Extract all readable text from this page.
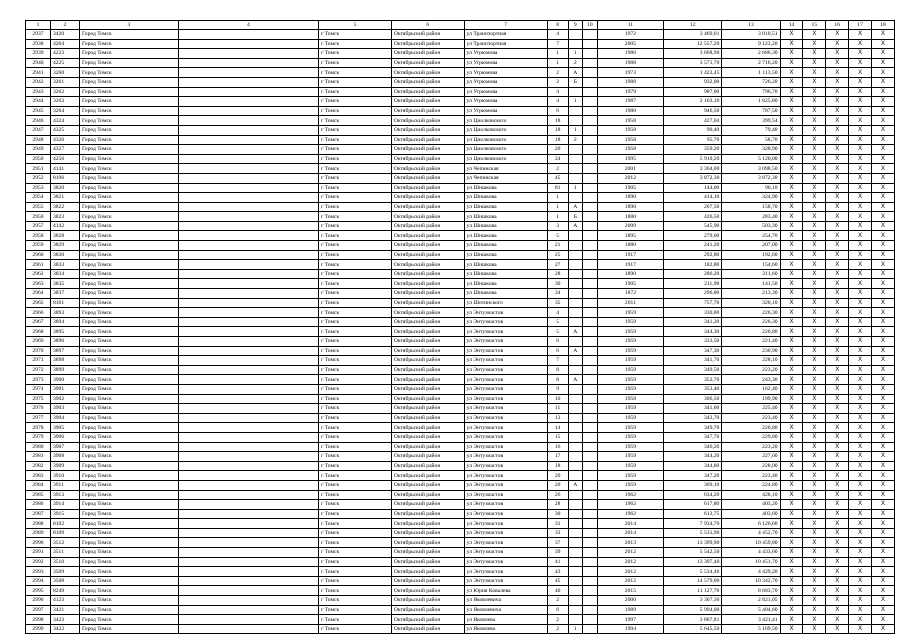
1	2	3	4		5	6	7	8	9	10	11	12	13	14	15	16	17	18
2937	3420	Город Томск			г Томск	Октябрьский район	ул Транспортная	4			1972	3 469,01	3 010,51	X	X	X	X	X
2938	4264	Город Томск			г Томск	Октябрьский район	ул Транспортная	7			2005	12 557,20	9 123,20	X	X	X	X	X
2939	4223	Город Томск			г Томск	Октябрьский район	ул Угрюмова	1	1		1986	3 668,90	2 686,30	X	X	X	X	X
2940	4225	Город Томск			г Томск	Октябрьский район	ул Угрюмова	1	2		1988	3 571,70	2 716,20	X	X	X	X	X
2941	3260	Город Томск			г Томск	Октябрьский район	ул Угрюмова	2	А		1973	1 423,45	1 113,50	X	X	X	X	X
2942	3261	Город Томск			г Томск	Октябрьский район	ул Угрюмова	2	Б		1988	932,00	726,20	X	X	X	X	X
2943	3262	Город Томск			г Томск	Октябрьский район	ул Угрюмова	4			1979	987,00	796,70	X	X	X	X	X
2944	3263	Город Томск			г Томск	Октябрьский район	ул Угрюмова	4	1		1987	2 163,10	1 825,80	X	X	X	X	X
2945	3264	Город Томск			г Томск	Октябрьский район	ул Угрюмова	6			1980	946,50	787,50	X	X	X	X	X
2946	4324	Город Томск			г Томск	Октябрьский район	ул Циолковского	18			1958	427,04	399,54	X	X	X	X	X
2947	4325	Город Томск			г Томск	Октябрьский район	ул Циолковского	18	1		1958	90,40	79,40	X	X	X	X	X
2948	4326	Город Томск			г Томск	Октябрьский район	ул Циолковского	18	2		1958	95,70	58,70	X	X	X	X	X
2949	4327	Город Томск			г Томск	Октябрьский район	ул Циолковского	20			1958	359,20	328,90	X	X	X	X	X
2950	4256	Город Томск			г Томск	Октябрьский район	ул Циолковского	24			1995	5 910,20	5 120,00	X	X	X	X	X
2951	4141	Город Томск			г Томск	Октябрьский район	ул Чепинская	2			2001	3 364,00	3 098,50	X	X	X	X	X
2952	8196	Город Томск			г Томск	Октябрьский район	ул Чепинская	45			2012	3 872,30	3 872,30	X	X	X	X	X
2953	3820	Город Томск			г Томск	Октябрьский район	ул Шишкова	81	1		1905	144,00	96,10	X	X	X	X	X
2954	3821	Город Томск			г Томск	Октябрьский район	ул Шишкова	1			1890	414,10	324,90	X	X	X	X	X
2955	3822	Город Томск			г Томск	Октябрьский район	ул Шишкова	1	А		1890	207,50	158,70	X	X	X	X	X
2956	3823	Город Томск			г Томск	Октябрьский район	ул Шишкова	1	Б		1880	426,50	283,40	X	X	X	X	X
2957	4142	Город Томск			г Томск	Октябрьский район	ул Шишкова	3	А		2009	545,90	503,30	X	X	X	X	X
2958	3828	Город Томск			г Томск	Октябрьский район	ул Шишкова	5			1895	279,60	254,70	X	X	X	X	X
2959	3829	Город Томск			г Томск	Октябрьский район	ул Шишкова	21			1880	241,20	207,00	X	X	X	X	X
2960	3830	Город Томск			г Томск	Октябрьский район	ул Шишкова	25			1917	292,80	192,60	X	X	X	X	X
2961	3833	Город Томск			г Томск	Октябрьский район	ул Шишкова	27			1917	182,80	154,60	X	X	X	X	X
2962	3834	Город Томск			г Томск	Октябрьский район	ул Шишкова	28			1890	286,20	211,60	X	X	X	X	X
2963	3835	Город Томск			г Томск	Октябрьский район	ул Шишкова	30			1905	211,90	141,50	X	X	X	X	X
2964	3837	Город Томск			г Томск	Октябрьский район	ул Шишкова	34			1872	296,80	213,30	X	X	X	X	X
2965	8101	Город Томск			г Томск	Октябрьский район	ул Шотинского	35			2011	757,70	320,10	X	X	X	X	X
2966	3893	Город Томск			г Томск	Октябрьский район	ул Энтузиастов	4			1959	330,80	226,30	X	X	X	X	X
2967	3894	Город Томск			г Томск	Октябрьский район	ул Энтузиастов	5			1959	341,20	226,30	X	X	X	X	X
2968	3895	Город Томск			г Томск	Октябрьский район	ул Энтузиастов	5	А		1959	344,30	226,80	X	X	X	X	X
2969	3896	Город Томск			г Томск	Октябрьский район	ул Энтузиастов	6			1959	333,50	221,40	X	X	X	X	X
2970	3897	Город Томск			г Томск	Октябрьский район	ул Энтузиастов	6	А		1959	347,30	230,90	X	X	X	X	X
2971	3898	Город Томск			г Томск	Октябрьский район	ул Энтузиастов	7			1959	341,70	228,10	X	X	X	X	X
2972	3899	Город Томск			г Томск	Октябрьский район	ул Энтузиастов	8			1959	349,50	223,20	X	X	X	X	X
2973	3900	Город Томск			г Томск	Октябрьский район	ул Энтузиастов	8	А		1959	352,70	243,30	X	X	X	X	X
2974	3901	Город Томск			г Томск	Октябрьский район	ул Энтузиастов	9			1959	353,40	162,40	X	X	X	X	X
2975	3902	Город Томск			г Томск	Октябрьский район	ул Энтузиастов	10			1958	306,50	199,90	X	X	X	X	X
2976	3903	Город Томск			г Томск	Октябрьский район	ул Энтузиастов	11			1959	341,60	225,40	X	X	X	X	X
2977	3904	Город Томск			г Томск	Октябрьский район	ул Энтузиастов	13			1959	342,70	223,40	X	X	X	X	X
2978	3905	Город Томск			г Томск	Октябрьский район	ул Энтузиастов	14			1959	349,70	226,80	X	X	X	X	X
2979	3906	Город Томск			г Томск	Октябрьский район	ул Энтузиастов	15			1959	347,70	229,80	X	X	X	X	X
2980	3907	Город Томск			г Томск	Октябрьский район	ул Энтузиастов	16			1959	346,20	223,20	X	X	X	X	X
2981	3908	Город Томск			г Томск	Октябрьский район	ул Энтузиастов	17			1959	344,20	227,60	X	X	X	X	X
2982	3909	Город Томск			г Томск	Октябрьский район	ул Энтузиастов	18			1959	344,80	228,00	X	X	X	X	X
2983	3910	Город Томск			г Томск	Октябрьский район	ул Энтузиастов	20			1959	347,20	223,40	X	X	X	X	X
2984	3911	Город Томск			г Томск	Октябрьский район	ул Энтузиастов	20	А		1959	369,10	224,80	X	X	X	X	X
2985	3913	Город Томск			г Томск	Октябрьский район	ул Энтузиастов	26			1962	634,20	428,10	X	X	X	X	X
2986	3914	Город Томск			г Томск	Октябрьский район	ул Энтузиастов	28			1962	617,80	403,20	X	X	X	X	X
2987	3915	Город Томск			г Томск	Октябрьский район	ул Энтузиастов	30			1962	612,75	403,60	X	X	X	X	X
2988	8102	Город Томск			г Томск	Октябрьский район	ул Энтузиастов	31			2014	7 934,70	6 126,60	X	X	X	X	X
2989	8109	Город Томск			г Томск	Октябрьский район	ул Энтузиастов	33			2014	5 531,90	4 452,70	X	X	X	X	X
2990	3512	Город Томск			г Томск	Октябрьский район	ул Энтузиастов	37			2013	13 399,90	10 459,80	X	X	X	X	X
2991	3511	Город Томск			г Томск	Октябрьский район	ул Энтузиастов	39			2012	5 542,50	4 433,60	X	X	X	X	X
2992	3510	Город Томск			г Томск	Октябрьский район	ул Энтузиастов	41			2012	13 397,40	10 451,70	X	X	X	X	X
2993	3509	Город Томск			г Томск	Октябрьский район	ул Энтузиастов	43			2012	5 534,40	4 429,20	X	X	X	X	X
2994	3508	Город Томск			г Томск	Октябрьский район	ул Энтузиастов	45			2012	14 579,00	10 342,70	X	X	X	X	X
2995	8249	Город Томск			г Томск	Октябрьский район	ул Юрия Ковалева	40			2015	11 127,70	8 683,70	X	X	X	X	X
2996	4123	Город Томск			г Томск	Октябрьский район	ул Яковлевича	2			2000	3 307,30	2 821,05	X	X	X	X	X
2997	3421	Город Томск			г Томск	Октябрьский район	ул Яковлевича	6			1989	5 994,00	5 404,60	X	X	X	X	X
2998	3423	Город Томск			г Томск	Октябрьский район	ул Яковлева	2			1997	3 867,81	3 421,41	X	X	X	X	X
2999	3422	Город Томск			г Томск	Октябрьский район	ул Яковлева	2	1		1994	5 645,50	5 169,50	X	X	X	X	X
